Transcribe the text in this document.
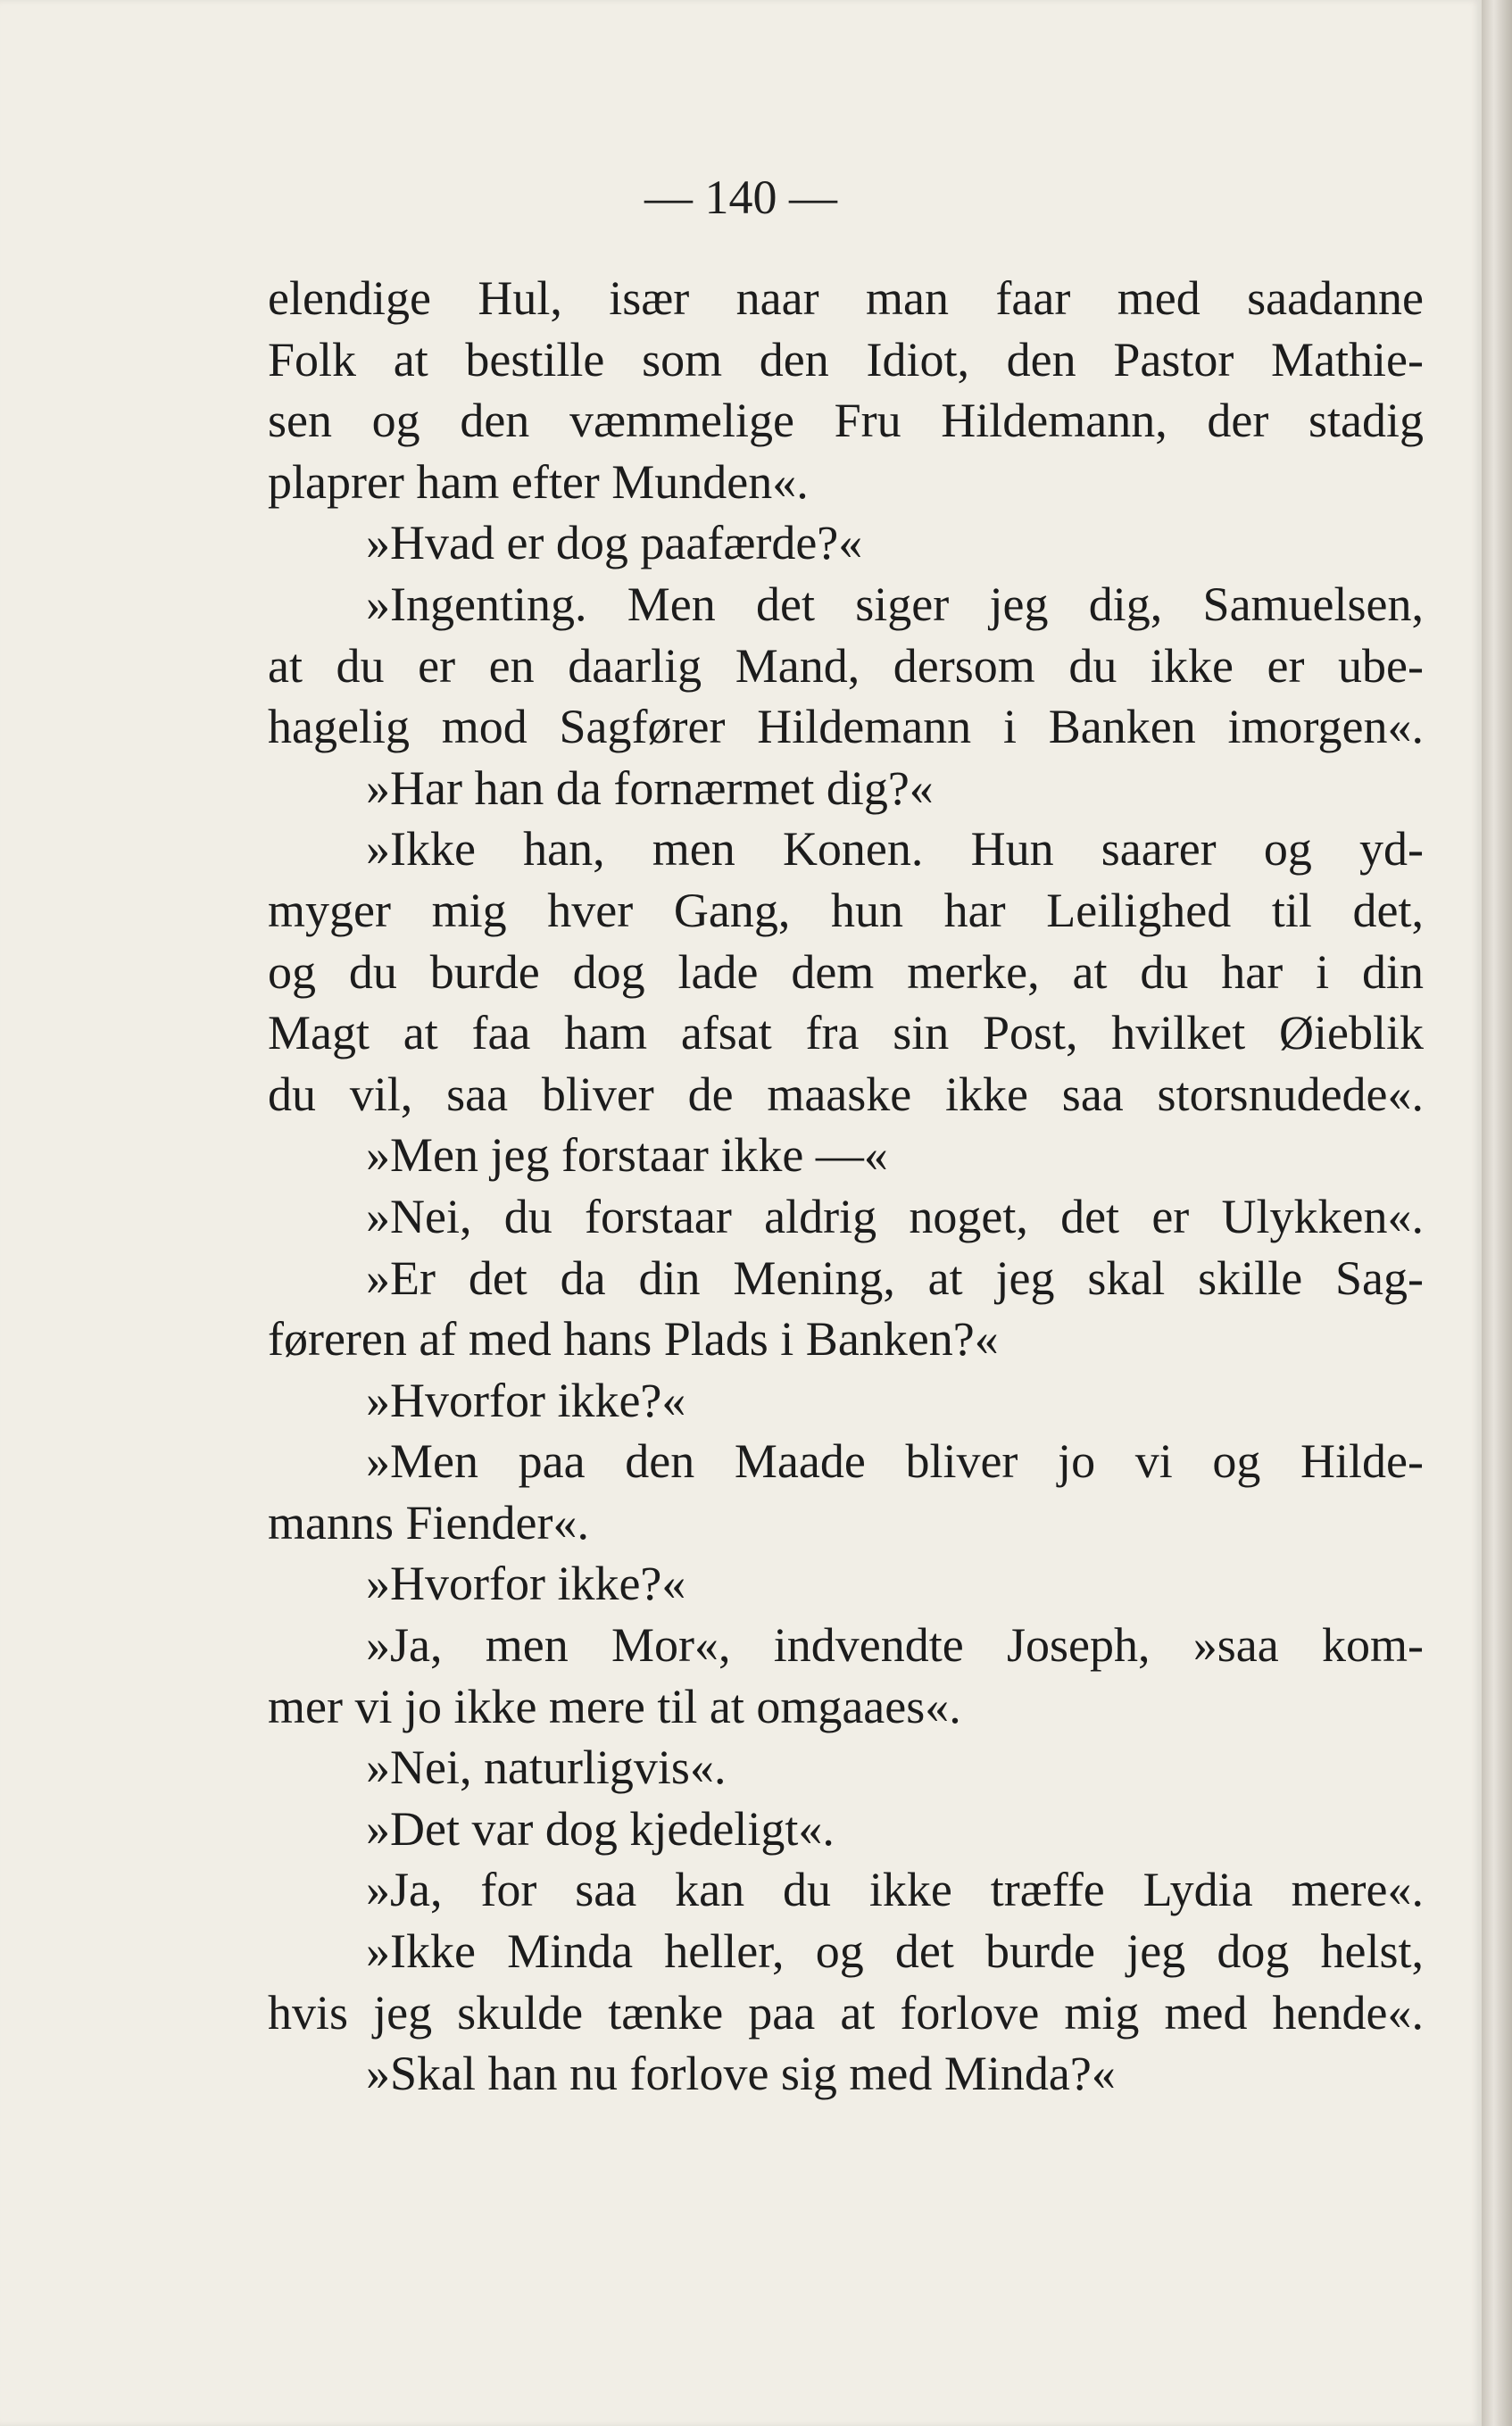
— 140 —
elendige Hul, især naar man faar med saadanne
Folk at bestille som den Idiot, den Pastor Mathie-
sen og den væmmelige Fru Hildemann, der stadig
plaprer ham efter Munden«.
»Hvad er dog paafærde?«
»Ingenting. Men det siger jeg dig, Samuelsen,
at du er en daarlig Mand, dersom du ikke er ube-
hagelig mod Sagfører Hildemann i Banken imorgen«.
»Har han da fornærmet dig?«
»Ikke han, men Konen. Hun saarer og yd-
myger mig hver Gang, hun har Leilighed til det,
og du burde dog lade dem merke, at du har i din
Magt at faa ham afsat fra sin Post, hvilket Øieblik
du vil, saa bliver de maaske ikke saa storsnudede«.
»Men jeg forstaar ikke —«
»Nei, du forstaar aldrig noget, det er Ulykken«.
»Er det da din Mening, at jeg skal skille Sag-
føreren af med hans Plads i Banken?«
»Hvorfor ikke?«
»Men paa den Maade bliver jo vi og Hilde-
manns Fiender«.
»Hvorfor ikke?«
»Ja, men Mor«, indvendte Joseph, »saa kom-
mer vi jo ikke mere til at omgaaes«.
»Nei, naturligvis«.
»Det var dog kjedeligt«.
»Ja, for saa kan du ikke træffe Lydia mere«.
»Ikke Minda heller, og det burde jeg dog helst,
hvis jeg skulde tænke paa at forlove mig med hende«.
»Skal han nu forlove sig med Minda?«
